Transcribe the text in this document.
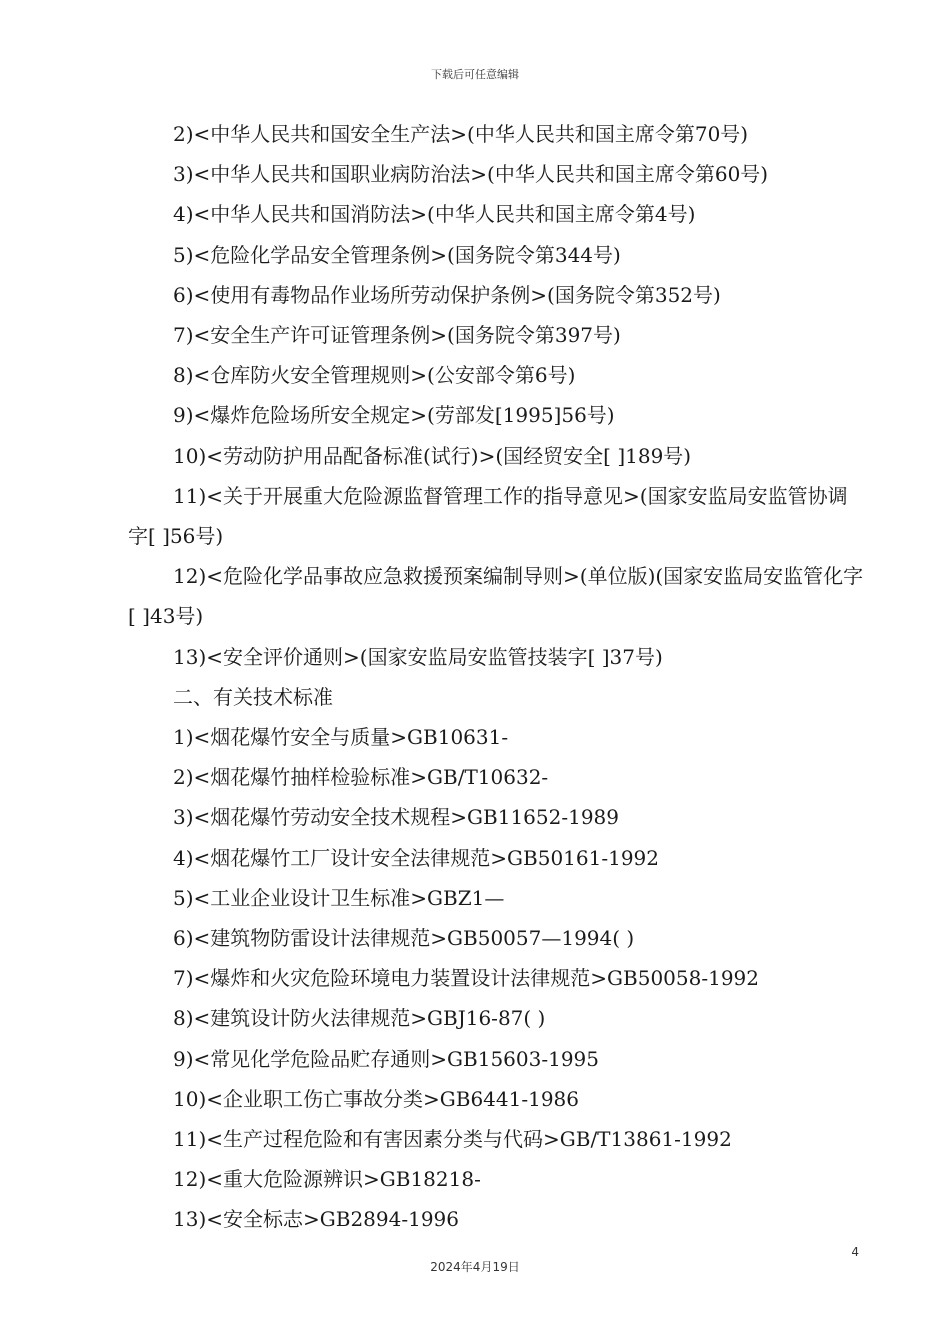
下载后可任意编辑
2)<中华人民共和国安全生产法>(中华人民共和国主席令第70号)
3)<中华人民共和国职业病防治法>(中华人民共和国主席令第60号)
4)<中华人民共和国消防法>(中华人民共和国主席令第4号)
5)<危险化学品安全管理条例>(国务院令第344号)
6)<使用有毒物品作业场所劳动保护条例>(国务院令第352号)
7)<安全生产许可证管理条例>(国务院令第397号)
8)<仓库防火安全管理规则>(公安部令第6号)
9)<爆炸危险场所安全规定>(劳部发[1995]56号)
10)<劳动防护用品配备标准(试行)>(国经贸安全[ ]189号)
11)<关于开展重大危险源监督管理工作的指导意见>(国家安监局安监管协调字[ ]56号)
12)<危险化学品事故应急救援预案编制导则>(单位版)(国家安监局安监管化字[ ]43号)
13)<安全评价通则>(国家安监局安监管技装字[ ]37号)
二、有关技术标准
1)<烟花爆竹安全与质量>GB10631-
2)<烟花爆竹抽样检验标准>GB/T10632-
3)<烟花爆竹劳动安全技术规程>GB11652-1989
4)<烟花爆竹工厂设计安全法律规范>GB50161-1992
5)<工业企业设计卫生标准>GBZ1—
6)<建筑物防雷设计法律规范>GB50057—1994( )
7)<爆炸和火灾危险环境电力装置设计法律规范>GB50058-1992
8)<建筑设计防火法律规范>GBJ16-87( )
9)<常见化学危险品贮存通则>GB15603-1995
10)<企业职工伤亡事故分类>GB6441-1986
11)<生产过程危险和有害因素分类与代码>GB/T13861-1992
12)<重大危险源辨识>GB18218-
13)<安全标志>GB2894-1996
4
2024年4月19日
